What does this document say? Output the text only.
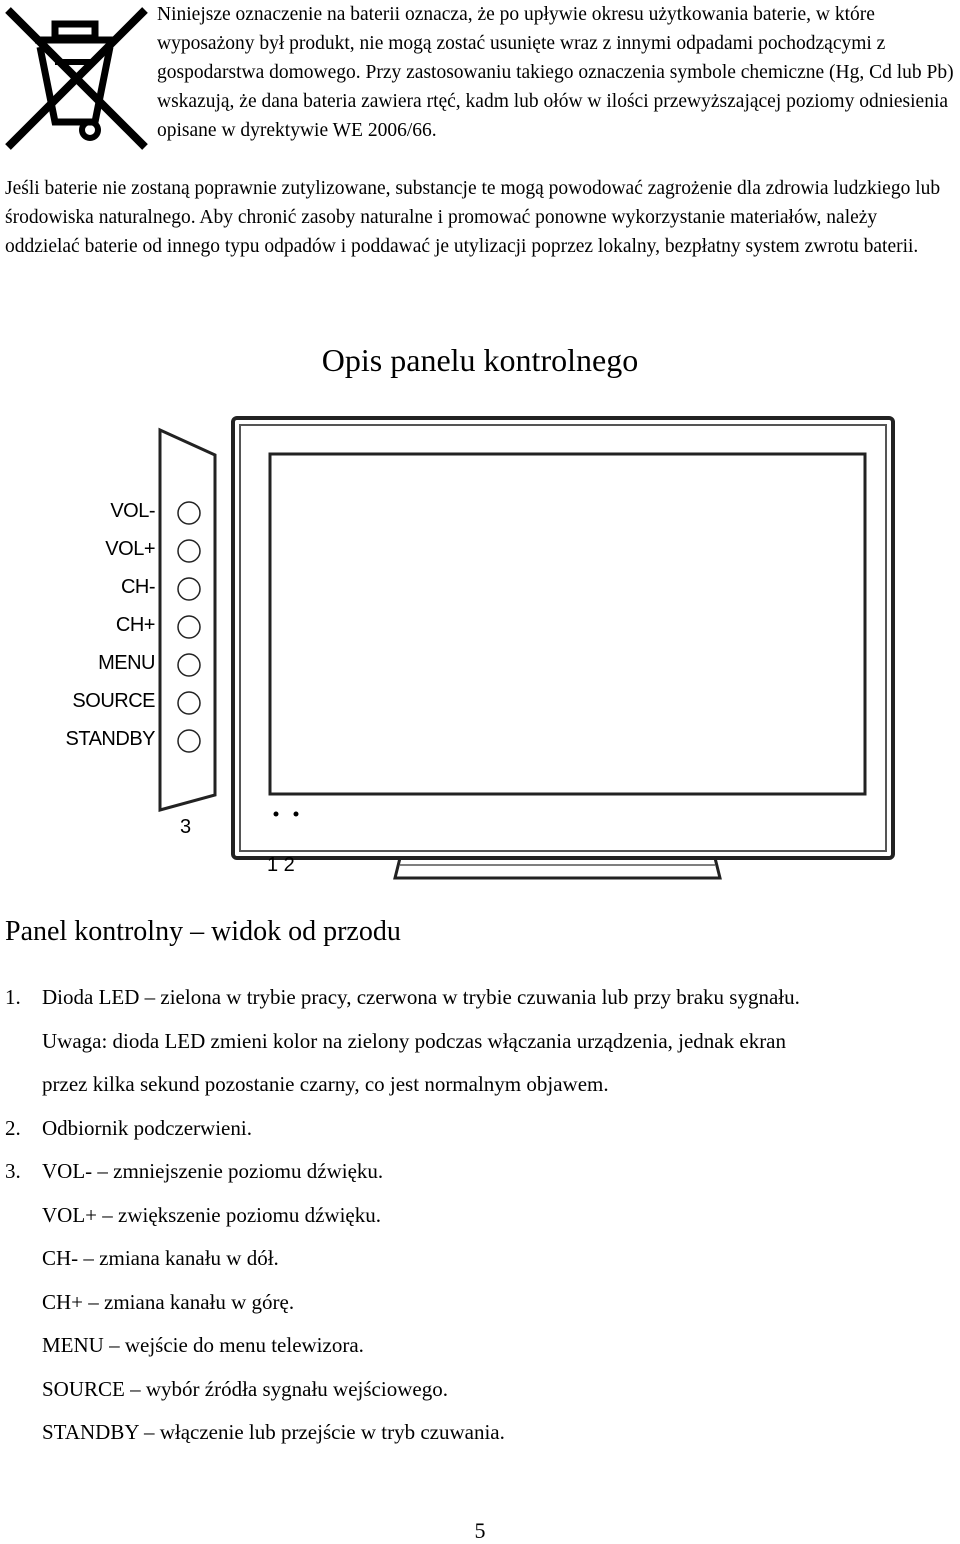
Niniejsze oznaczenie na baterii oznacza, że po upływie okresu użytkowania baterie, w które wyposażony był produkt, nie mogą zostać usunięte wraz z innymi odpadami pochodzącymi z gospodarstwa domowego. Przy zastosowaniu takiego oznaczenia symbole chemiczne (Hg, Cd lub Pb) wskazują, że dana bateria zawiera rtęć, kadm lub ołów w ilości przewyższającej poziomy odniesienia opisane w dyrektywie WE 2006/66.

Jeśli baterie nie zostaną poprawnie zutylizowane, substancje te mogą powodować zagrożenie dla zdrowia ludzkiego lub środowiska naturalnego. Aby chronić zasoby naturalne i promować ponowne wykorzystanie materiałów, należy oddzielać baterie od innego typu odpadów i poddawać je utylizacji poprzez lokalny, bezpłatny system zwrotu baterii.

Opis panelu kontrolnego
VOL-
VOL+
CH-
CH+
MENU
SOURCE
STANDBY
3
1 2
Panel kontrolny – widok od przodu
1. Dioda LED – zielona w trybie pracy, czerwona w trybie czuwania lub przy braku sygnału.
Uwaga: dioda LED zmieni kolor na zielony podczas włączania urządzenia, jednak ekran
przez kilka sekund pozostanie czarny, co jest normalnym objawem.
2. Odbiornik podczerwieni.
3. VOL- – zmniejszenie poziomu dźwięku.
VOL+ – zwiększenie poziomu dźwięku.
CH- – zmiana kanału w dół.
CH+ – zmiana kanału w górę.
MENU – wejście do menu telewizora.
SOURCE – wybór źródła sygnału wejściowego.
STANDBY – włączenie lub przejście w tryb czuwania.
5
